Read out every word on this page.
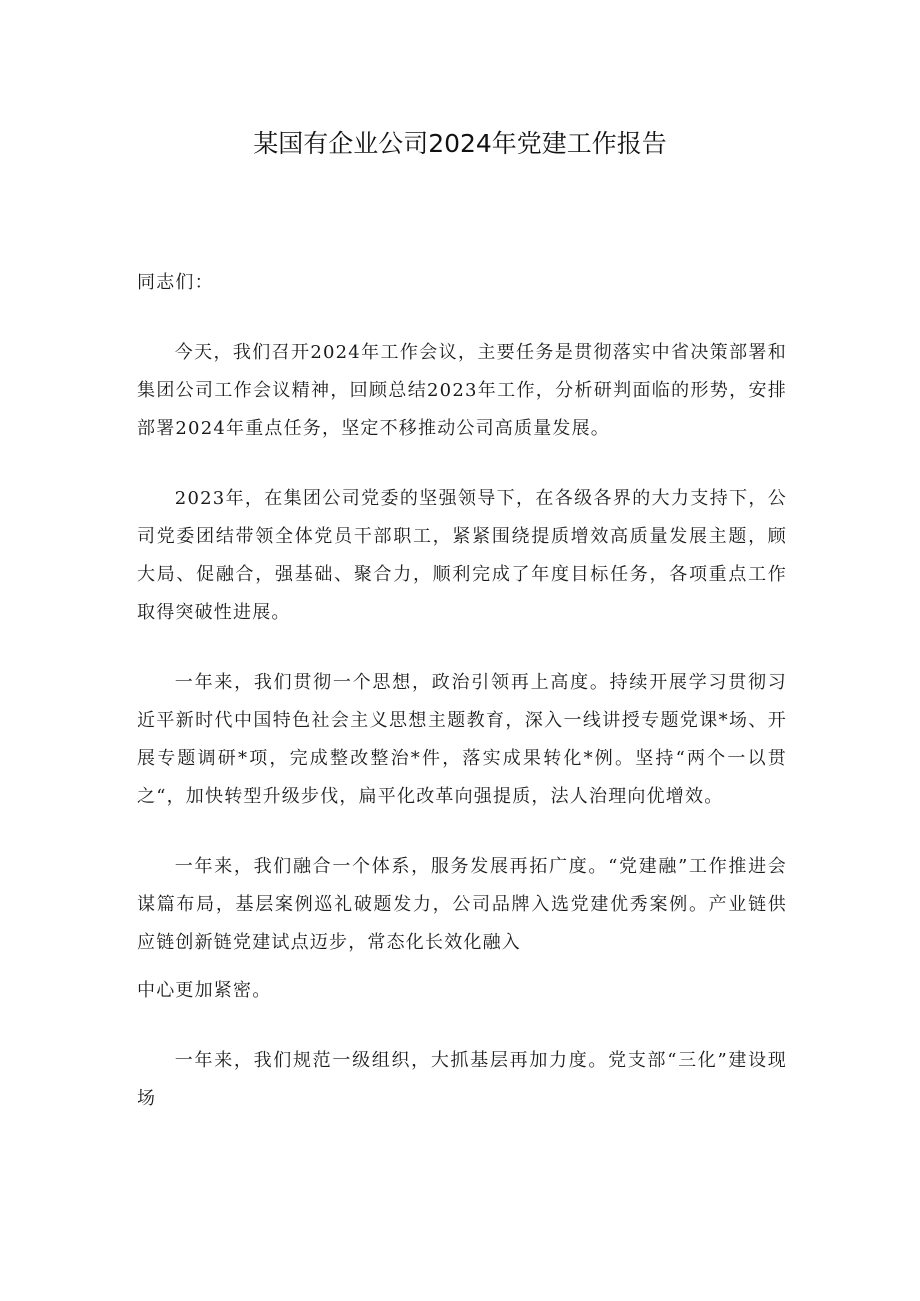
某国有企业公司2024年党建工作报告

同志们：

今天，我们召开2024年工作会议，主要任务是贯彻落实中省决策部署和集团公司工作会议精神，回顾总结2023年工作，分析研判面临的形势，安排部署2024年重点任务，坚定不移推动公司高质量发展。

2023年，在集团公司党委的坚强领导下，在各级各界的大力支持下，公司党委团结带领全体党员干部职工，紧紧围绕提质增效高质量发展主题，顾大局、促融合，强基础、聚合力，顺利完成了年度目标任务，各项重点工作取得突破性进展。

一年来，我们贯彻一个思想，政治引领再上高度。持续开展学习贯彻习近平新时代中国特色社会主义思想主题教育，深入一线讲授专题党课*场、开展专题调研*项，完成整改整治*件，落实成果转化*例。坚持“两个一以贯之“，加快转型升级步伐，扁平化改革向强提质，法人治理向优增效。

一年来，我们融合一个体系，服务发展再拓广度。“党建融”工作推进会谋篇布局，基层案例巡礼破题发力，公司品牌入选党建优秀案例。产业链供应链创新链党建试点迈步，常态化长效化融入

中心更加紧密。

一年来，我们规范一级组织，大抓基层再加力度。党支部“三化”建设现场
